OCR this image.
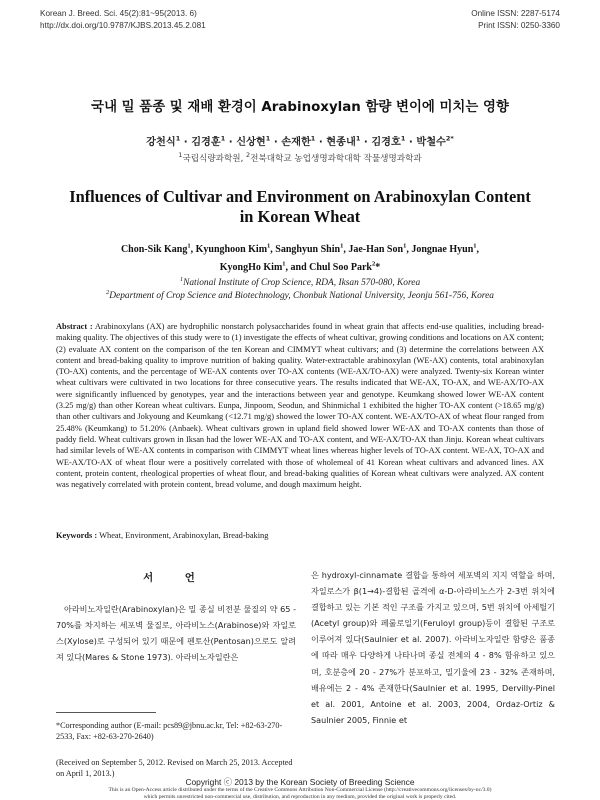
Korean J. Breed. Sci. 45(2):81~95(2013. 6)
http://dx.doi.org/10.9787/KJBS.2013.45.2.081
Online ISSN: 2287-5174
Print ISSN: 0250-3360
국내 밀 품종 및 재배 환경이 Arabinoxylan 함량 변이에 미치는 영향
강천식$^1$ · 김경훈$^1$ · 신상현$^1$ · 손재한$^1$ · 현종내$^1$ · 김경호$^1$ · 박철수$^{2*}$
$^1$국립식량과학원, $^2$전북대학교 농업생명과학대학 작물생명과학과
Influences of Cultivar and Environment on Arabinoxylan Content
in Korean Wheat
Chon-Sik Kang$^1$, Kyunghoon Kim$^1$, Sanghyun Shin$^1$, Jae-Han Son$^1$, Jongnae Hyun$^1$,
KyongHo Kim$^1$, and Chul Soo Park$^2$*
$^1$National Institute of Crop Science, RDA, Iksan 570-080, Korea
$^2$Department of Crop Science and Biotechnology, Chonbuk National University, Jeonju 561-756, Korea
Abstract : Arabinoxylans (AX) are hydrophilic nonstarch polysaccharides found in wheat grain that affects end-use qualities, including bread-making quality. The objectives of this study were to (1) investigate the effects of wheat cultivar, growing conditions and locations on AX content; (2) evaluate AX content on the comparison of the ten Korean and CIMMYT wheat cultivars; and (3) determine the correlations between AX content and bread-baking quality to improve nutrition of baking quality. Water-extractable arabinoxylan (WE-AX) contents, total arabinoxylan (TO-AX) contents, and the percentage of WE-AX contents over TO-AX contents (WE-AX/TO-AX) were analyzed. Twenty-six Korean winter wheat cultivars were cultivated in two locations for three consecutive years. The results indicated that WE-AX, TO-AX, and WE-AX/TO-AX were significantly influenced by genotypes, year and the interactions between year and genotype. Keumkang showed lower WE-AX content (3.25 mg/g) than other Korean wheat cultivars. Eunpa, Jinpoom, Seodun, and Shinmichal 1 exhibited the higher TO-AX content (>18.65 mg/g) than other cultivars and Jokyoung and Keumkang (<12.71 mg/g) showed the lower TO-AX content. WE-AX/TO-AX of wheat flour ranged from 25.48% (Keumkang) to 51.20% (Anbaek). Wheat cultivars grown in upland field showed lower WE-AX and TO-AX contents than those of paddy field. Wheat cultivars grown in Iksan had the lower WE-AX and TO-AX content, and WE-AX/TO-AX than Jinju. Korean wheat cultivars had similar levels of WE-AX contents in comparison with CIMMYT wheat lines whereas higher levels of TO-AX content. WE-AX, TO-AX and WE-AX/TO-AX of wheat flour were a positively correlated with those of wholemeal of 41 Korean wheat cultivars and advanced lines. AX content, protein content, rheological properties of wheat flour, and bread-baking qualities of Korean wheat cultivars were analyzed. AX content was negatively correlated with protein content, bread volume, and dough maximum height.
Keywords : Wheat, Environment, Arabinoxylan, Bread-baking
서 언
아라비노자일란(Arabinoxylan)은 밀 종실 비전분 물질의 약 65 - 70%를 차지하는 세포벽 물질로, 아라비노스(Arabinose)와 자일로스(Xylose)로 구성되어 있기 때문에 펜토산(Pentosan)으로도 알려져 있다(Mares & Stone 1973). 아라비노자일란은
은 hydroxyl-cinnamate 결합을 통하여 세포벽의 지지 역할을 하며, 자일로스가 β(1→4)-결합된 골격에 α-D-아라비노스가 2-3번 위치에 결합하고 있는 기본 적인 구조를 가지고 있으며, 5번 위치에 아세틸기(Acetyl group)와 페룰로일기(Feruloyl group)등이 결합된 구조로 이루어져 있다(Saulnier et al. 2007). 아라비노자일란 함량은 품종에 따라 매우 다양하게 나타나며 종실 전체의 4 - 8% 함유하고 있으며, 호분층에 20 - 27%가 분포하고, 밀기울에 23 - 32% 존재하며, 배유에는 2 - 4% 존재한다(Saulnier et al. 1995, Dervilly-Pinel et al. 2001, Antoine et al. 2003, 2004, Ordaz-Ortiz & Saulnier 2005, Finnie et
*Corresponding author (E-mail: pcs89@jbnu.ac.kr, Tel: +82-63-270-2533, Fax: +82-63-270-2640)
(Received on September 5, 2012. Revised on March 25, 2013. Accepted on April 1, 2013.)
Copyright ⓒ 2013 by the Korean Society of Breeding Science
This is an Open-Access article distributed under the terms of the Creative Commons Attribution Non-Commercial License (http://creativecommons.org/licenses/by-nc/3.0)
which permits unrestricted non-commercial use, distribution, and reproduction in any medium, provided the original work is properly cited.
